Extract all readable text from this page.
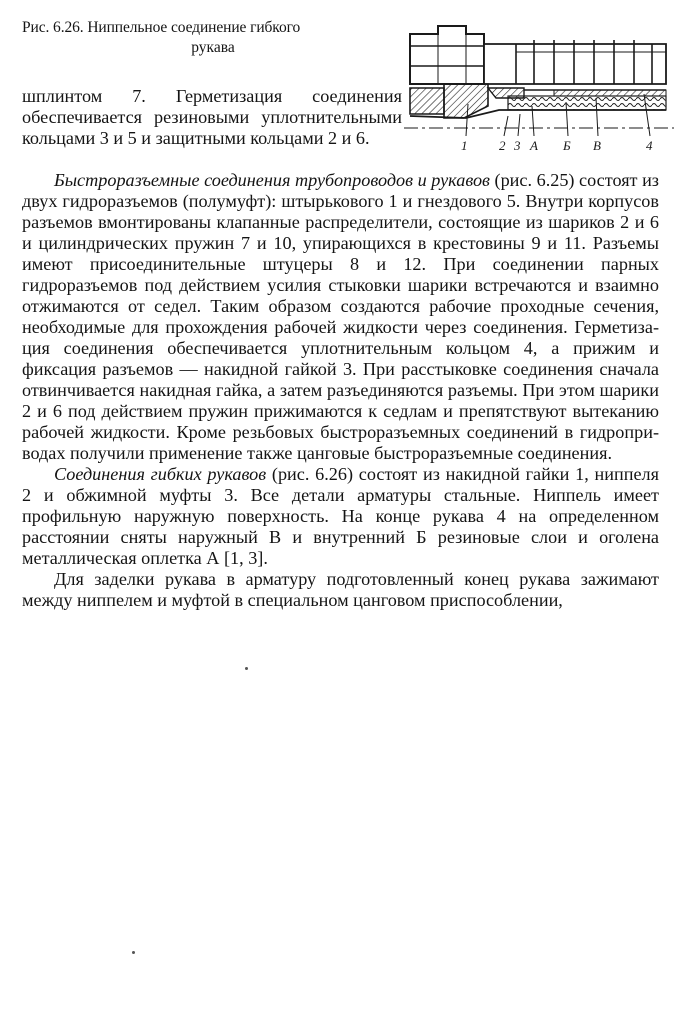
Рис. 6.26. Ниппельное соединение гибкого
рукава
1 2 3 А Б В	4

шплинтом 7. Герметизация соединения обеспечивается резиновыми уплотнительными кольцами 3 и 5 и защитными кольцами 2 и 6.

Быстроразъемные соединения трубопроводов и рукавов (рис. 6.25) состоят из двух гидроразъемов (полумуфт): штырькового 1 и гнездового 5. Внутри корпусов разъемов вмонтированы клапанные распределители, состоящие из шариков 2 и 6 и цилиндрических пружин 7 и 10, упирающихся в крестовины 9 и 11. Разъемы имеют присоединительные штуцеры 8 и 12. При соединении парных гидроразъемов под действием усилия стыковки шарики встречаются и взаимно отжимаются от седел. Таким образом создаются рабочие проходные сечения, необходимые для прохождения рабочей жидкости через соединения. Герметизация соединения обеспечивается уплотнительным кольцом 4, а прижим и фиксация разъемов — накидной гайкой 3. При расстыковке соединения сначала отвинчивается накидная гайка, а затем разъединяются разъемы. При этом шарики 2 и 6 под действием пружин прижимаются к седлам и препятствуют вытеканию рабочей жидкости. Кроме резьбовых быстроразъемных соединений в гидроприводах получили применение также цанговые быстроразъемные соединения.

Соединения гибких рукавов (рис. 6.26) состоят из накидной гайки 1, ниппеля 2 и обжимной муфты 3. Все детали арматуры стальные. Ниппель имеет профильную наружную поверхность. На конце рукава 4 на определенном расстоянии сняты наружный В и внутренний Б резиновые слои и оголена металлическая оплетка А [1, 3].

Для заделки рукава в арматуру подготовленный конец рукава зажимают между ниппелем и муфтой в специальном цанговом приспособлении,
